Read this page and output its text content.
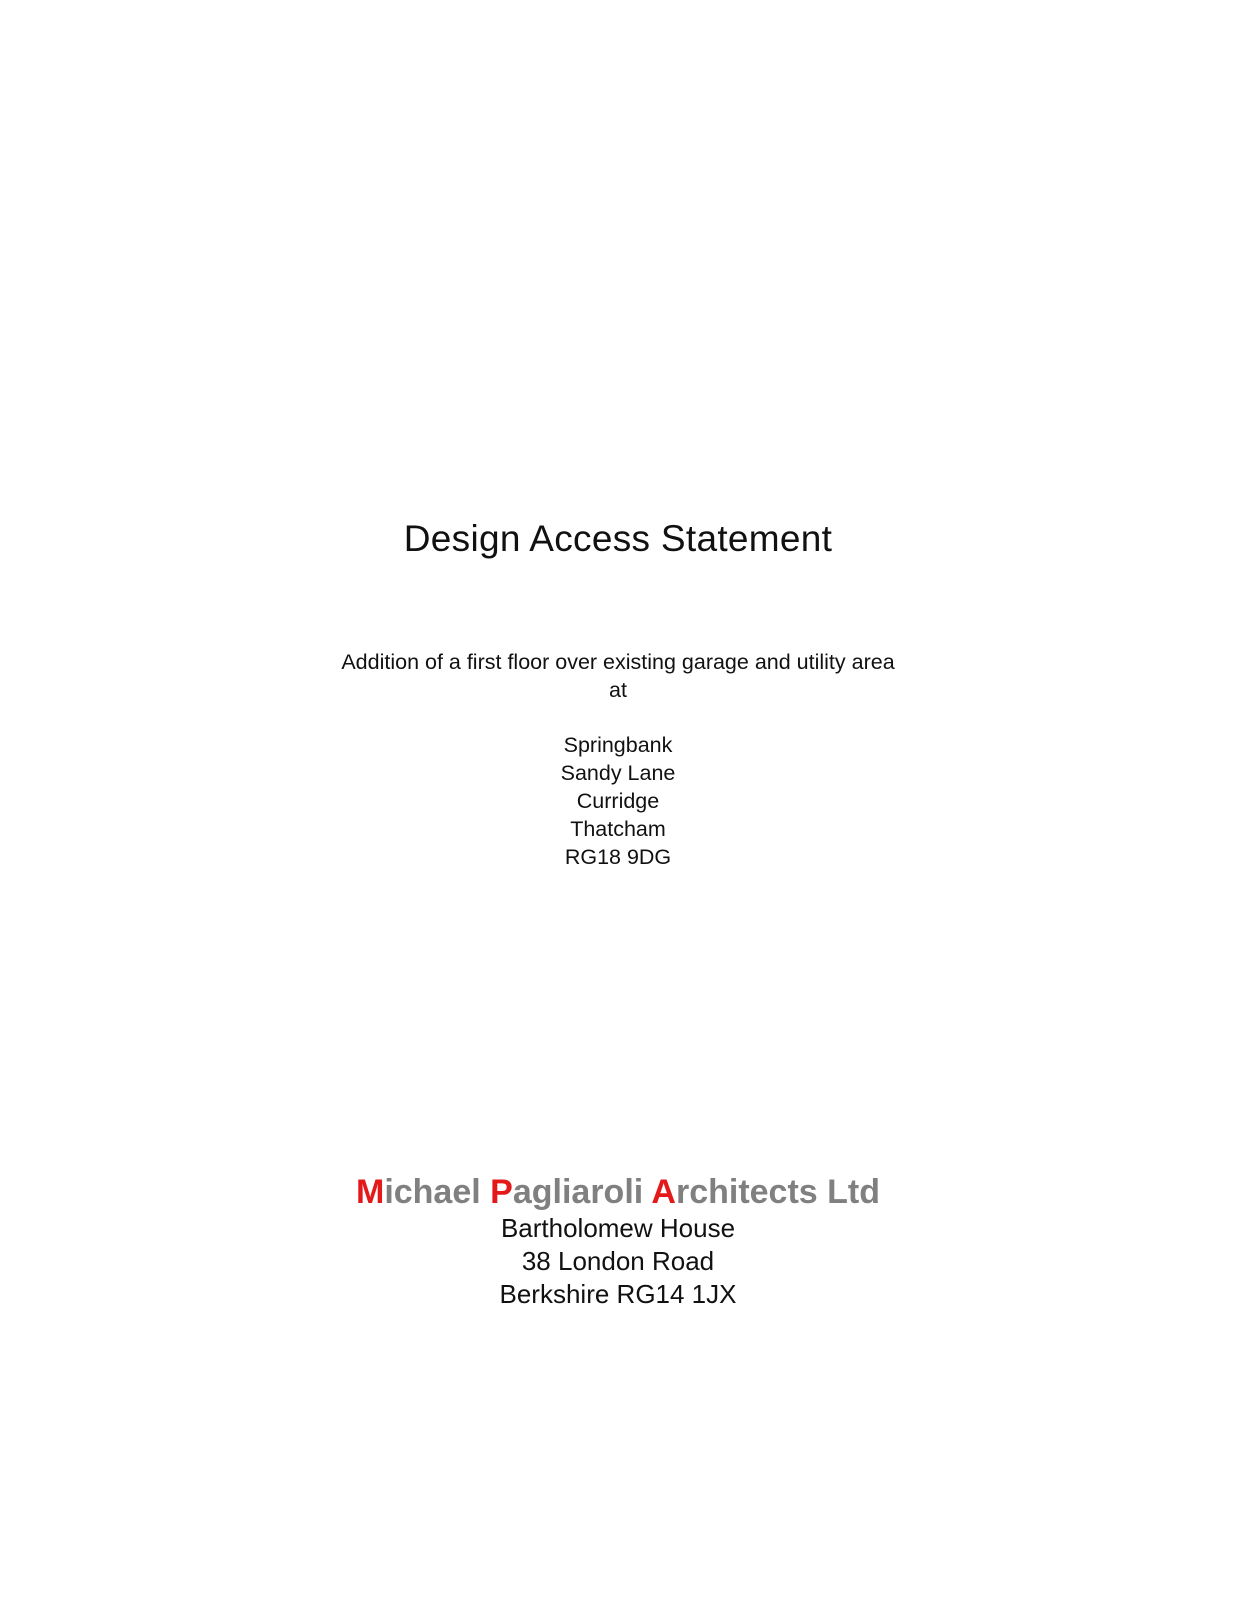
Design Access Statement
Addition of a first floor over existing garage and utility area
at
Springbank
Sandy Lane
Curridge
Thatcham
RG18 9DG
Michael Pagliaroli Architects Ltd
Bartholomew House
38 London Road
Berkshire RG14 1JX
